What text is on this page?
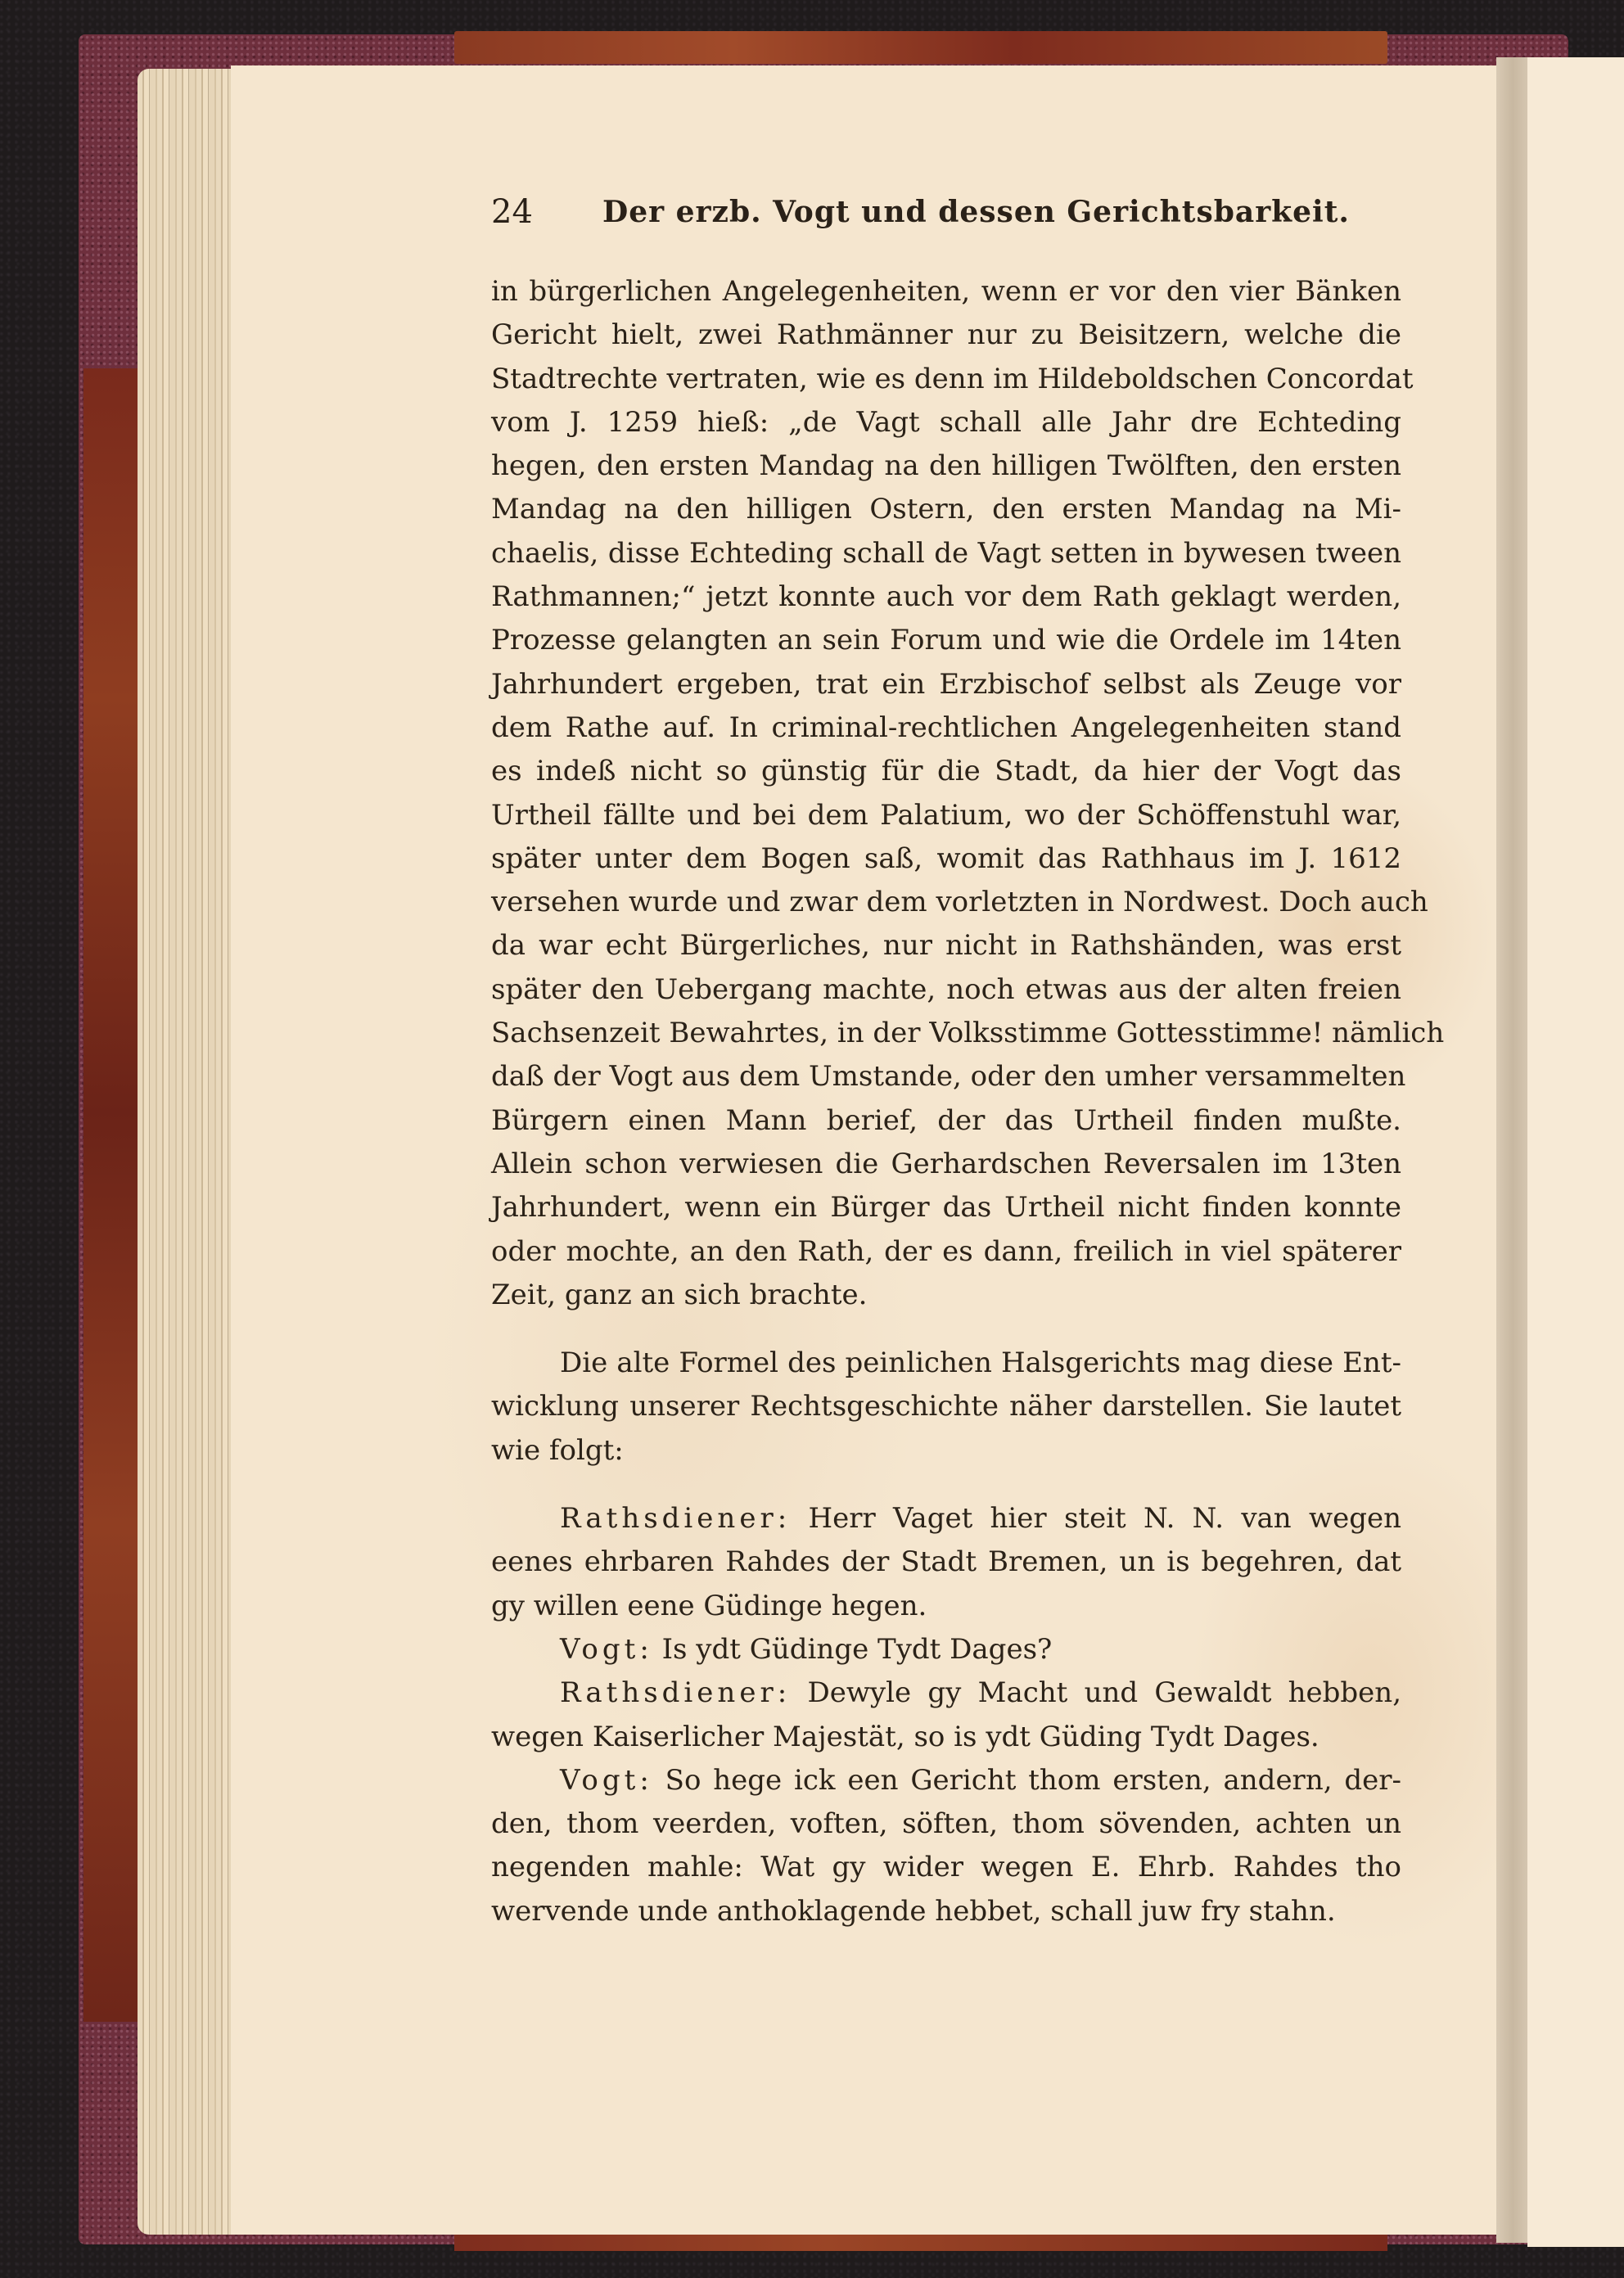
24 Der erzb. Vogt und dessen Gerichtsbarkeit.
in bürgerlichen Angelegenheiten, wenn er vor den vier Bänken
Gericht hielt, zwei Rathmänner nur zu Beisitzern, welche die
Stadtrechte vertraten, wie es denn im Hildeboldschen Concordat
vom J. 1259 hieß: „de Vagt schall alle Jahr dre Echteding
hegen, den ersten Mandag na den hilligen Twölften, den ersten
Mandag na den hilligen Ostern, den ersten Mandag na Mi-
chaelis, disse Echteding schall de Vagt setten in bywesen tween
Rathmannen;“ jetzt konnte auch vor dem Rath geklagt werden,
Prozesse gelangten an sein Forum und wie die Ordele im 14ten
Jahrhundert ergeben, trat ein Erzbischof selbst als Zeuge vor
dem Rathe auf. In criminal-rechtlichen Angelegenheiten stand
es indeß nicht so günstig für die Stadt, da hier der Vogt das
Urtheil fällte und bei dem Palatium, wo der Schöffenstuhl war,
später unter dem Bogen saß, womit das Rathhaus im J. 1612
versehen wurde und zwar dem vorletzten in Nordwest. Doch auch
da war echt Bürgerliches, nur nicht in Rathshänden, was erst
später den Uebergang machte, noch etwas aus der alten freien
Sachsenzeit Bewahrtes, in der Volksstimme Gottesstimme! nämlich
daß der Vogt aus dem Umstande, oder den umher versammelten
Bürgern einen Mann berief, der das Urtheil finden mußte.
Allein schon verwiesen die Gerhardschen Reversalen im 13ten
Jahrhundert, wenn ein Bürger das Urtheil nicht finden konnte
oder mochte, an den Rath, der es dann, freilich in viel späterer
Zeit, ganz an sich brachte.
Die alte Formel des peinlichen Halsgerichts mag diese Ent-
wicklung unserer Rechtsgeschichte näher darstellen. Sie lautet
wie folgt:
Rathsdiener: Herr Vaget hier steit N. N. van wegen
eenes ehrbaren Rahdes der Stadt Bremen, un is begehren, dat
gy willen eene Güdinge hegen.
Vogt: Is ydt Güdinge Tydt Dages?
Rathsdiener: Dewyle gy Macht und Gewaldt hebben,
wegen Kaiserlicher Majestät, so is ydt Güding Tydt Dages.
Vogt: So hege ick een Gericht thom ersten, andern, der-
den, thom veerden, voften, söften, thom sövenden, achten un
negenden mahle: Wat gy wider wegen E. Ehrb. Rahdes tho
wervende unde anthoklagende hebbet, schall juw fry stahn.
